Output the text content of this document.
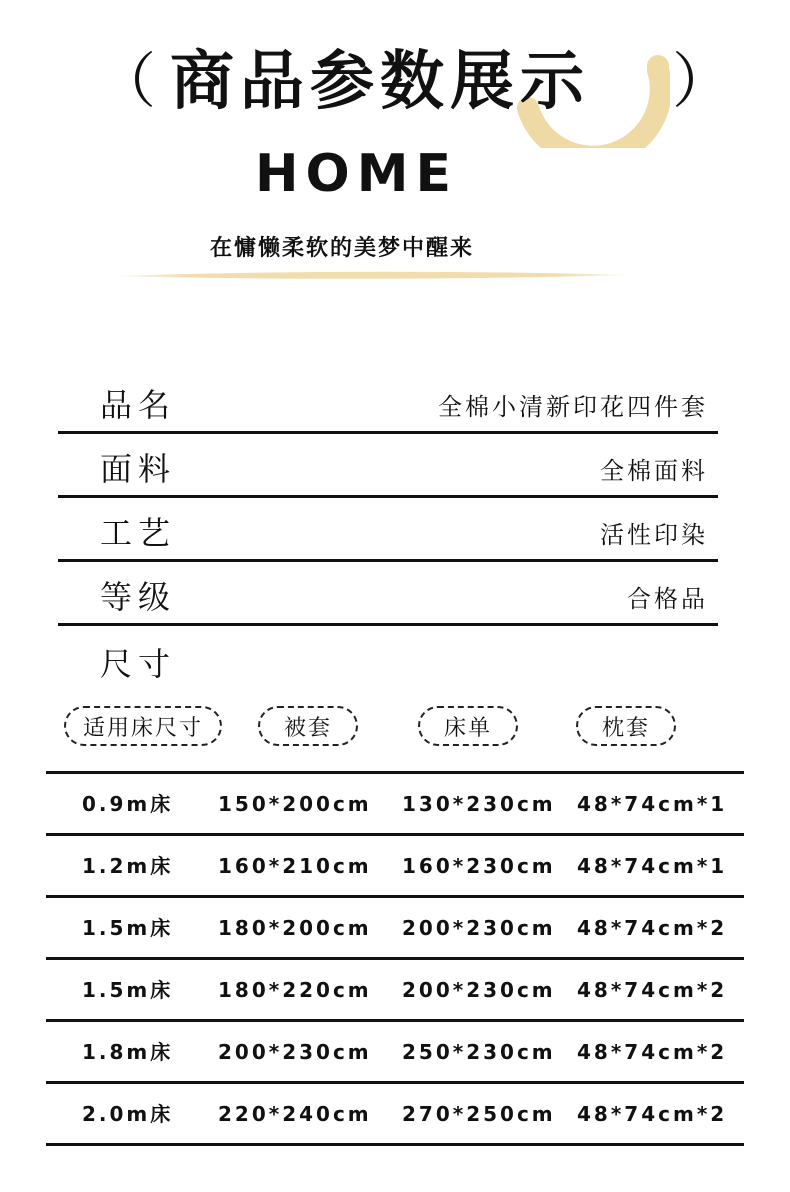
（ 商品参数展示 ）
HOME
在慵懒柔软的美梦中醒来
品名	全棉小清新印花四件套
面料	全棉面料
工艺	活性印染
等级	合格品
尺寸
适用床尺寸	被套	床单	枕套
0.9m床 150*200cm 130*230cm 48*74cm*1
1.2m床 160*210cm 160*230cm 48*74cm*1
1.5m床 180*200cm 200*230cm 48*74cm*2
1.5m床 180*220cm 200*230cm 48*74cm*2
1.8m床 200*230cm 250*230cm 48*74cm*2
2.0m床 220*240cm 270*250cm 48*74cm*2
